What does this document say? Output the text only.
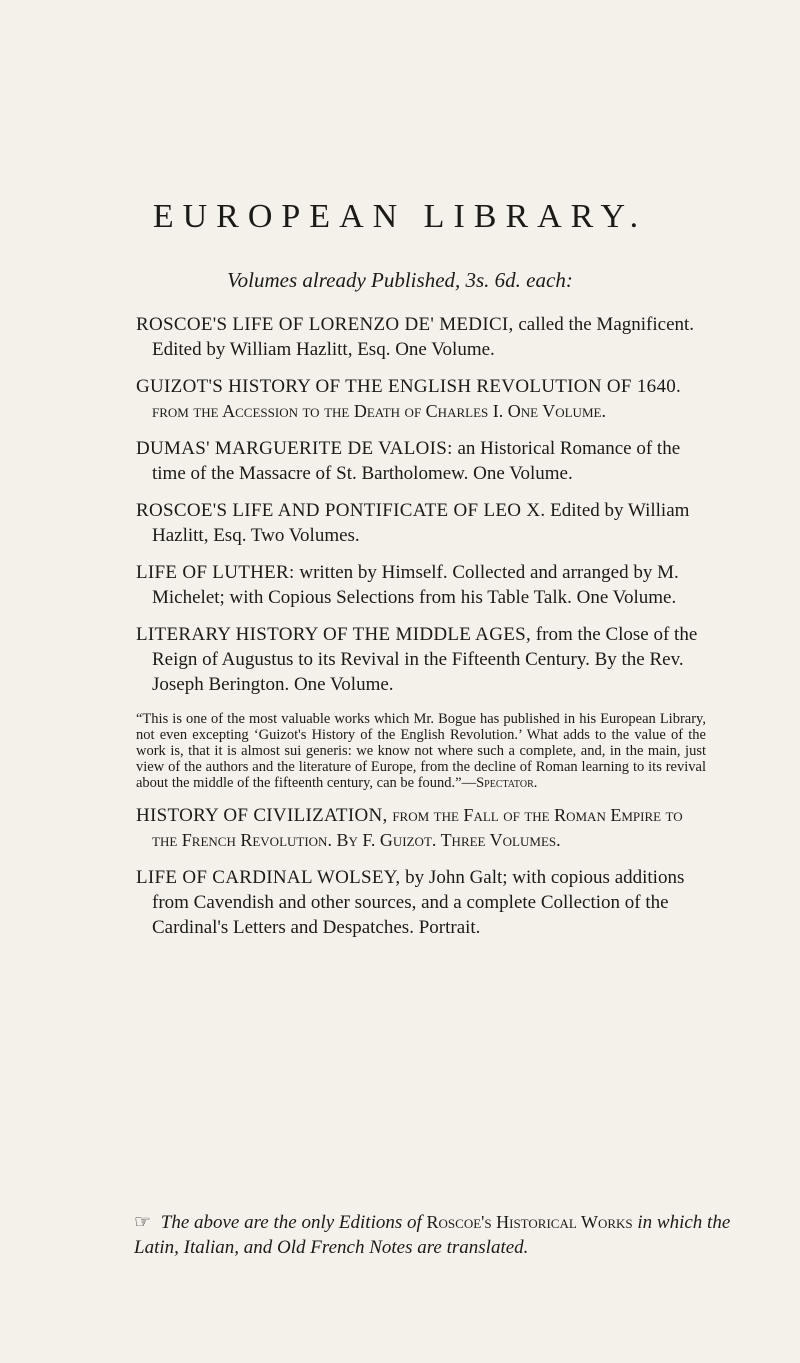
EUROPEAN LIBRARY.
Volumes already Published, 3s. 6d. each:
ROSCOE'S LIFE OF LORENZO DE' MEDICI, called the Magnificent. Edited by William Hazlitt, Esq. One Volume.
GUIZOT'S HISTORY OF THE ENGLISH REVOLUTION OF 1640. from the Accession to the Death of Charles I. One Volume.
DUMAS' MARGUERITE DE VALOIS: an Historical Romance of the time of the Massacre of St. Bartholomew. One Volume.
ROSCOE'S LIFE AND PONTIFICATE OF LEO X. Edited by William Hazlitt, Esq. Two Volumes.
LIFE OF LUTHER: written by Himself. Collected and arranged by M. Michelet; with Copious Selections from his Table Talk. One Volume.
LITERARY HISTORY OF THE MIDDLE AGES, from the Close of the Reign of Augustus to its Revival in the Fifteenth Century. By the Rev. Joseph Berington. One Volume.
“This is one of the most valuable works which Mr. Bogue has published in his European Library, not even excepting ‘Guizot's History of the English Revolution.’ What adds to the value of the work is, that it is almost sui generis: we know not where such a complete, and, in the main, just view of the authors and the literature of Europe, from the decline of Roman learning to its revival about the middle of the fifteenth century, can be found.”—Spectator.
HISTORY OF CIVILIZATION, from the Fall of the Roman Empire to the French Revolution. By F. Guizot. Three Volumes.
LIFE OF CARDINAL WOLSEY, by John Galt; with copious additions from Cavendish and other sources, and a complete Collection of the Cardinal's Letters and Despatches. Portrait.
☞ The above are the only Editions of Roscoe's Historical Works in which the Latin, Italian, and Old French Notes are translated.
